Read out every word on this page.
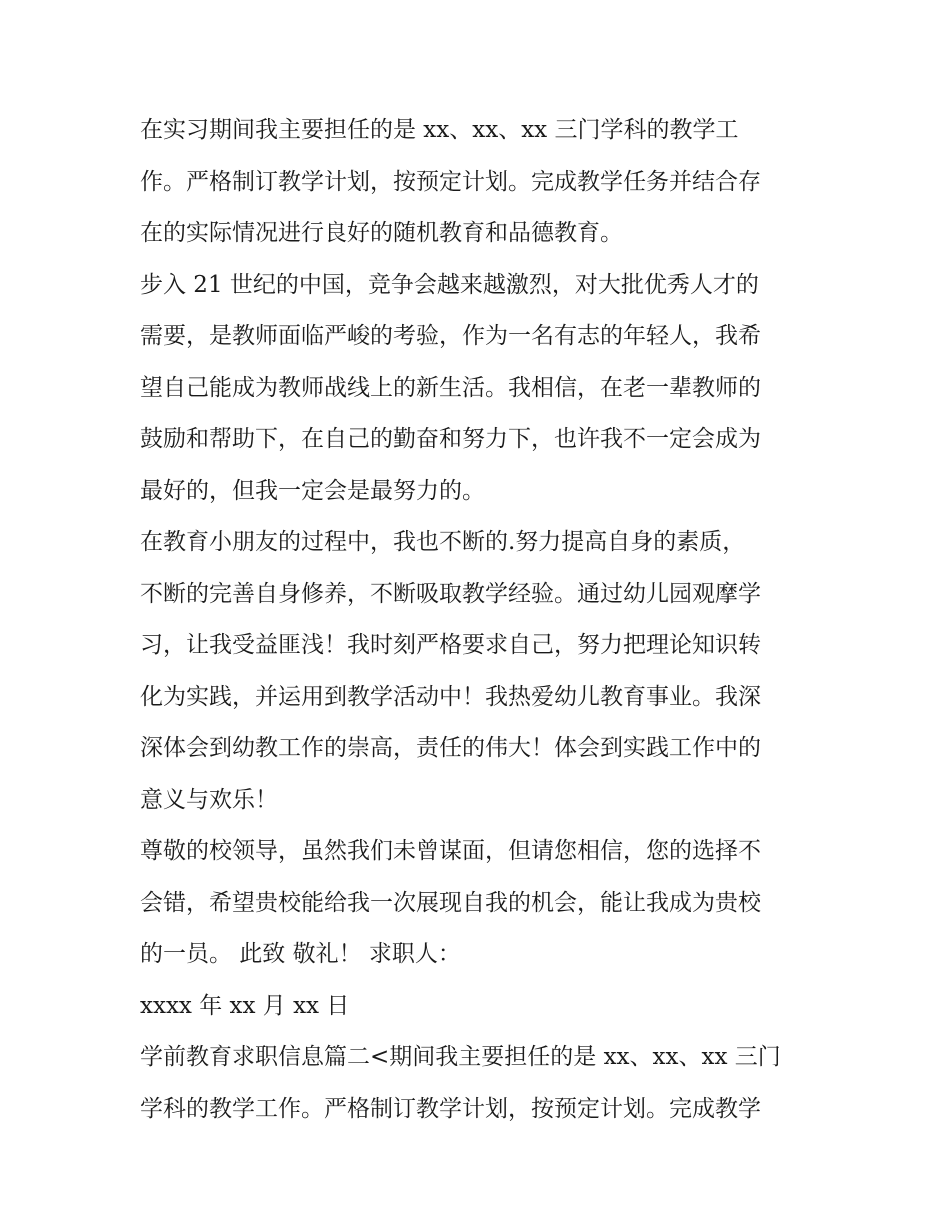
在实习期间我主要担任的是 xx、xx、xx 三门学科的教学工
作。严格制订教学计划，按预定计划。完成教学任务并结合存
在的实际情况进行良好的随机教育和品德教育。
步入 21 世纪的中国，竞争会越来越激烈，对大批优秀人才的
需要，是教师面临严峻的考验，作为一名有志的年轻人，我希
望自己能成为教师战线上的新生活。我相信，在老一辈教师的
鼓励和帮助下，在自己的勤奋和努力下，也许我不一定会成为
最好的，但我一定会是最努力的。
在教育小朋友的过程中，我也不断的.努力提高自身的素质，
不断的完善自身修养，不断吸取教学经验。通过幼儿园观摩学
习，让我受益匪浅！我时刻严格要求自己，努力把理论知识转
化为实践，并运用到教学活动中！我热爱幼儿教育事业。我深
深体会到幼教工作的崇高，责任的伟大！体会到实践工作中的
意义与欢乐！
尊敬的校领导，虽然我们未曾谋面，但请您相信，您的选择不
会错，希望贵校能给我一次展现自我的机会，能让我成为贵校
的一员。 此致 敬礼！ 求职人：
xxxx 年 xx 月 xx 日
学前教育求职信息篇二<期间我主要担任的是 xx、xx、xx 三门
学科的教学工作。严格制订教学计划，按预定计划。完成教学
